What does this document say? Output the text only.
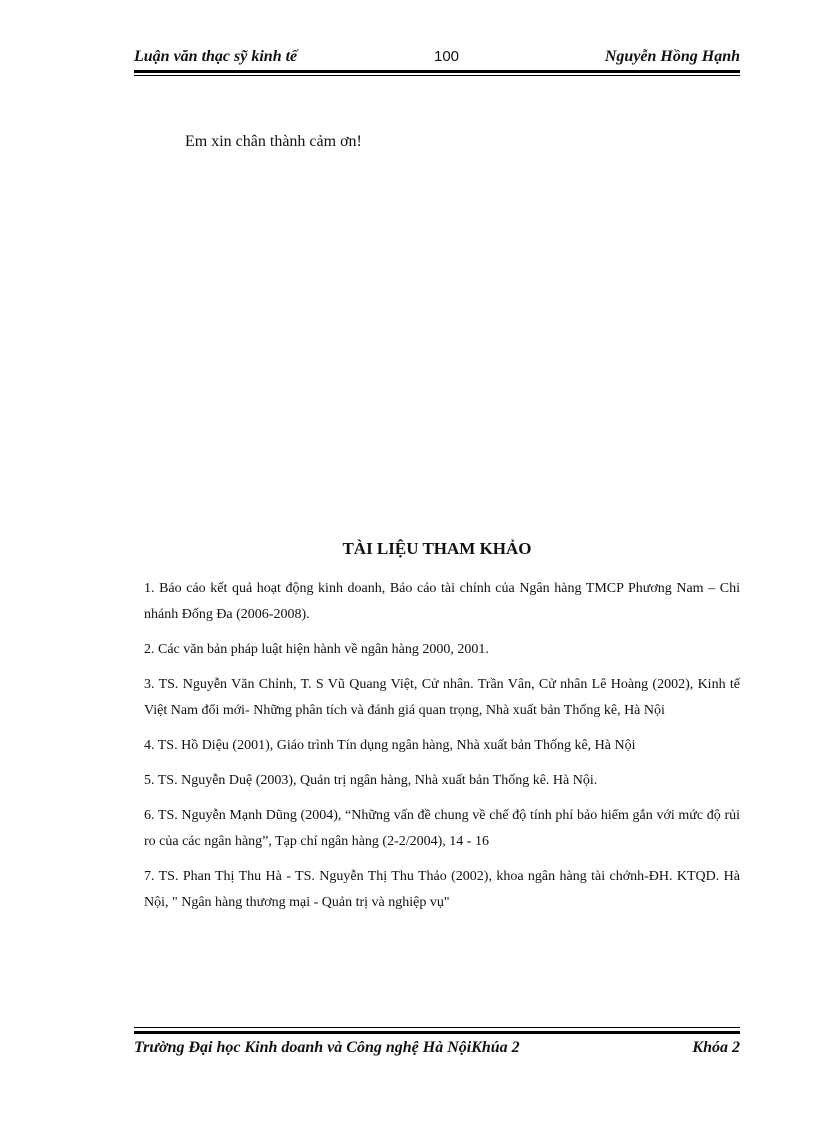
Luận văn thạc sỹ kinh tế	100	Nguyễn Hồng Hạnh
Em xin chân thành cảm ơn!
TÀI LIỆU THAM KHẢO
1. Báo cáo kết quả hoạt động kinh doanh, Báo cáo tài chính của Ngân hàng TMCP Phương Nam – Chi nhánh Đống Đa (2006-2008).
2. Các văn bản pháp luật hiện hành về ngân hàng 2000, 2001.
3. TS. Nguyễn Văn Chỉnh, T. S Vũ Quang Việt, Cử nhân. Trần Vân, Cử nhân Lê Hoàng (2002), Kinh tế Việt Nam đổi mới- Những phân tích và đánh giá quan trọng, Nhà xuất bản Thống kê, Hà Nội
4. TS. Hồ Diệu (2001), Giáo trình Tín dụng ngân hàng, Nhà xuất bản Thống kê, Hà Nội
5. TS. Nguyễn Duệ (2003), Quản trị ngân hàng, Nhà xuất bản Thống kê. Hà Nội.
6. TS. Nguyễn Mạnh Dũng (2004), “Những vấn đề chung về chế độ tính phí bảo hiểm gắn với mức độ rủi ro của các ngân hàng”, Tạp chí ngân hàng (2-2/2004), 14 - 16
7. TS. Phan Thị Thu Hà - TS. Nguyễn Thị Thu Thảo (2002), khoa ngân hàng tài chớnh-ĐH. KTQD. Hà Nội, " Ngân hàng thương mại - Quản trị và nghiệp vụ"
Trường Đại học Kinh doanh và Công nghệ Hà NộiKhúa 2	Khóa 2
